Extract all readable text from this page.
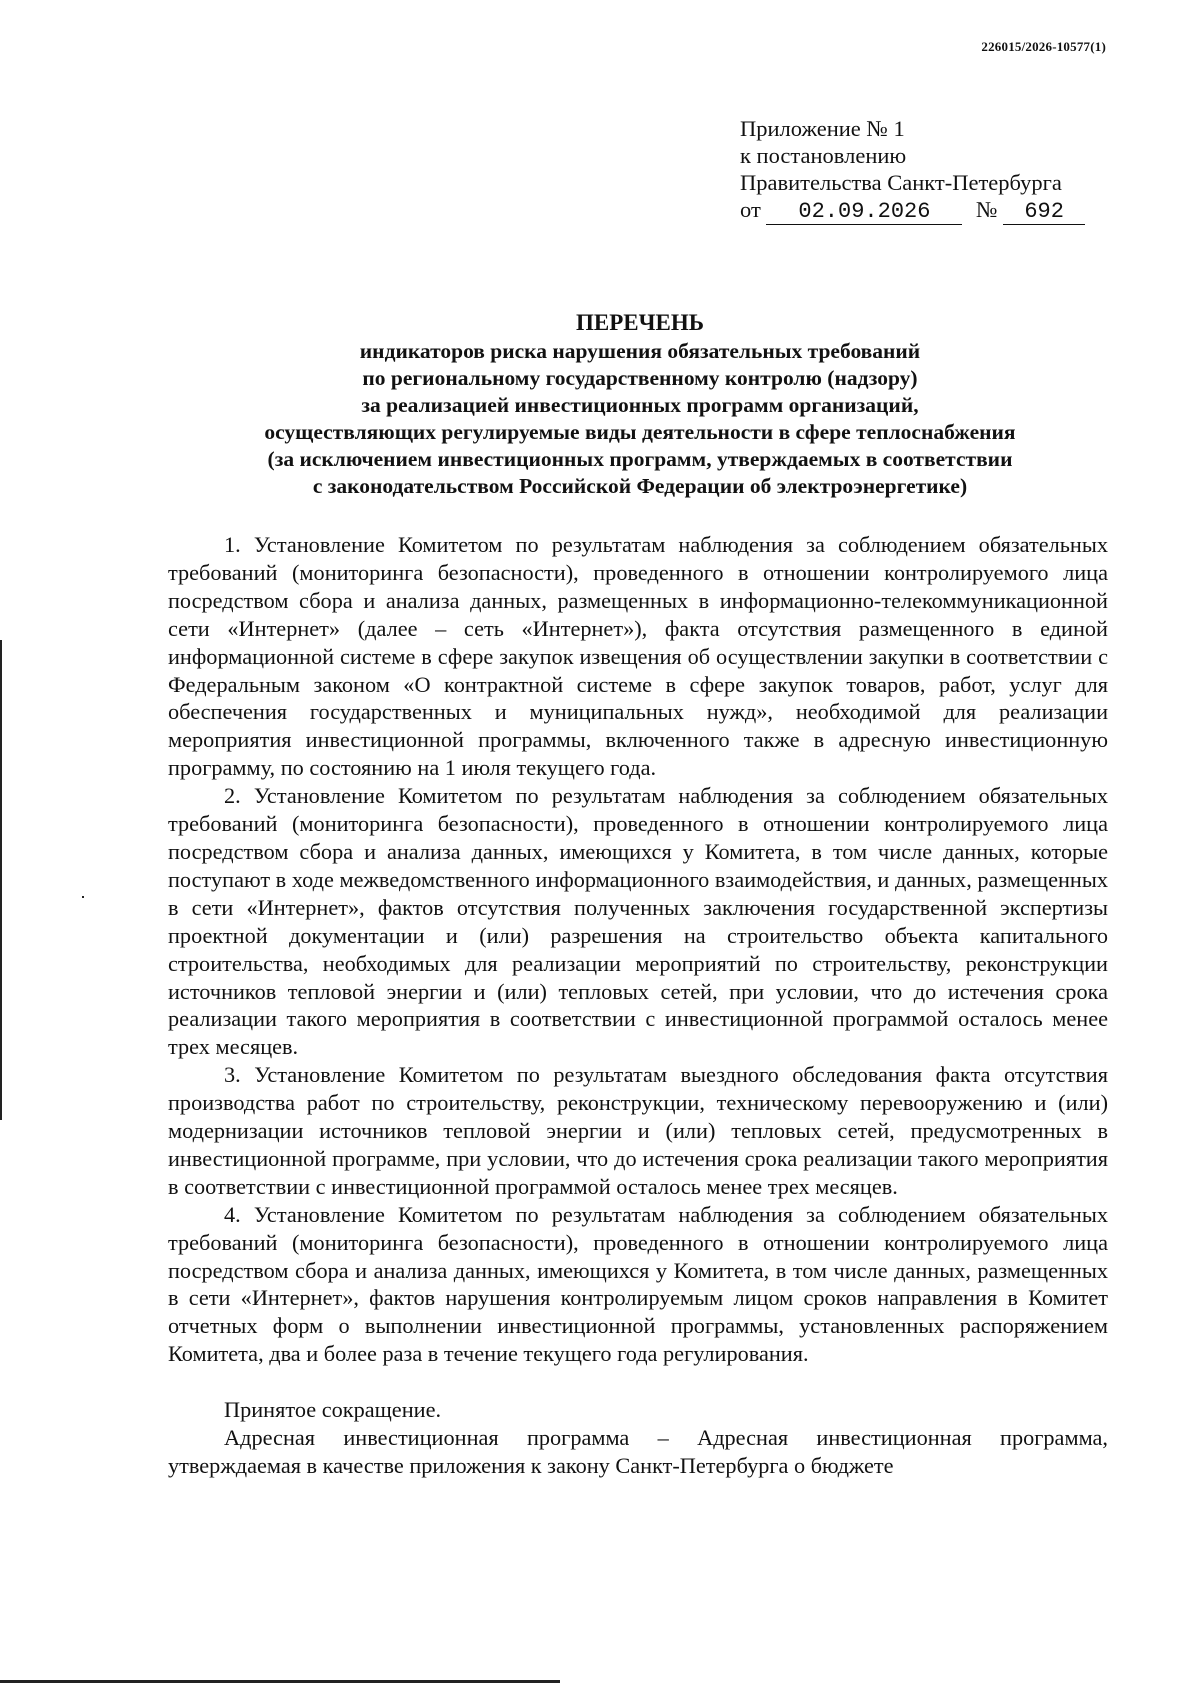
226015/2026-10577(1)
Приложение № 1
к постановлению
Правительства Санкт-Петербурга
от 02.09.2026 № 692
ПЕРЕЧЕНЬ
индикаторов риска нарушения обязательных требований
по региональному государственному контролю (надзору)
за реализацией инвестиционных программ организаций,
осуществляющих регулируемые виды деятельности в сфере теплоснабжения
(за исключением инвестиционных программ, утверждаемых в соответствии
с законодательством Российской Федерации об электроэнергетике)

1. Установление Комитетом по результатам наблюдения за соблюдением обязательных требований (мониторинга безопасности), проведенного в отношении контролируемого лица посредством сбора и анализа данных, размещенных в информационно-телекоммуникационной сети «Интернет» (далее – сеть «Интернет»), факта отсутствия размещенного в единой информационной системе в сфере закупок извещения об осуществлении закупки в соответствии с Федеральным законом «О контрактной системе в сфере закупок товаров, работ, услуг для обеспечения государственных и муниципальных нужд», необходимой для реализации мероприятия инвестиционной программы, включенного также в адресную инвестиционную программу, по состоянию на 1 июля текущего года.

2. Установление Комитетом по результатам наблюдения за соблюдением обязательных требований (мониторинга безопасности), проведенного в отношении контролируемого лица посредством сбора и анализа данных, имеющихся у Комитета, в том числе данных, которые поступают в ходе межведомственного информационного взаимодействия, и данных, размещенных в сети «Интернет», фактов отсутствия полученных заключения государственной экспертизы проектной документации и (или) разрешения на строительство объекта капитального строительства, необходимых для реализации мероприятий по строительству, реконструкции источников тепловой энергии и (или) тепловых сетей, при условии, что до истечения срока реализации такого мероприятия в соответствии с инвестиционной программой осталось менее трех месяцев.

3. Установление Комитетом по результатам выездного обследования факта отсутствия производства работ по строительству, реконструкции, техническому перевооружению и (или) модернизации источников тепловой энергии и (или) тепловых сетей, предусмотренных в инвестиционной программе, при условии, что до истечения срока реализации такого мероприятия в соответствии с инвестиционной программой осталось менее трех месяцев.

4. Установление Комитетом по результатам наблюдения за соблюдением обязательных требований (мониторинга безопасности), проведенного в отношении контролируемого лица посредством сбора и анализа данных, имеющихся у Комитета, в том числе данных, размещенных в сети «Интернет», фактов нарушения контролируемым лицом сроков направления в Комитет отчетных форм о выполнении инвестиционной программы, установленных распоряжением Комитета, два и более раза в течение текущего года регулирования.

Принятое сокращение.

Адресная инвестиционная программа – Адресная инвестиционная программа, утверждаемая в качестве приложения к закону Санкт-Петербурга о бюджете
